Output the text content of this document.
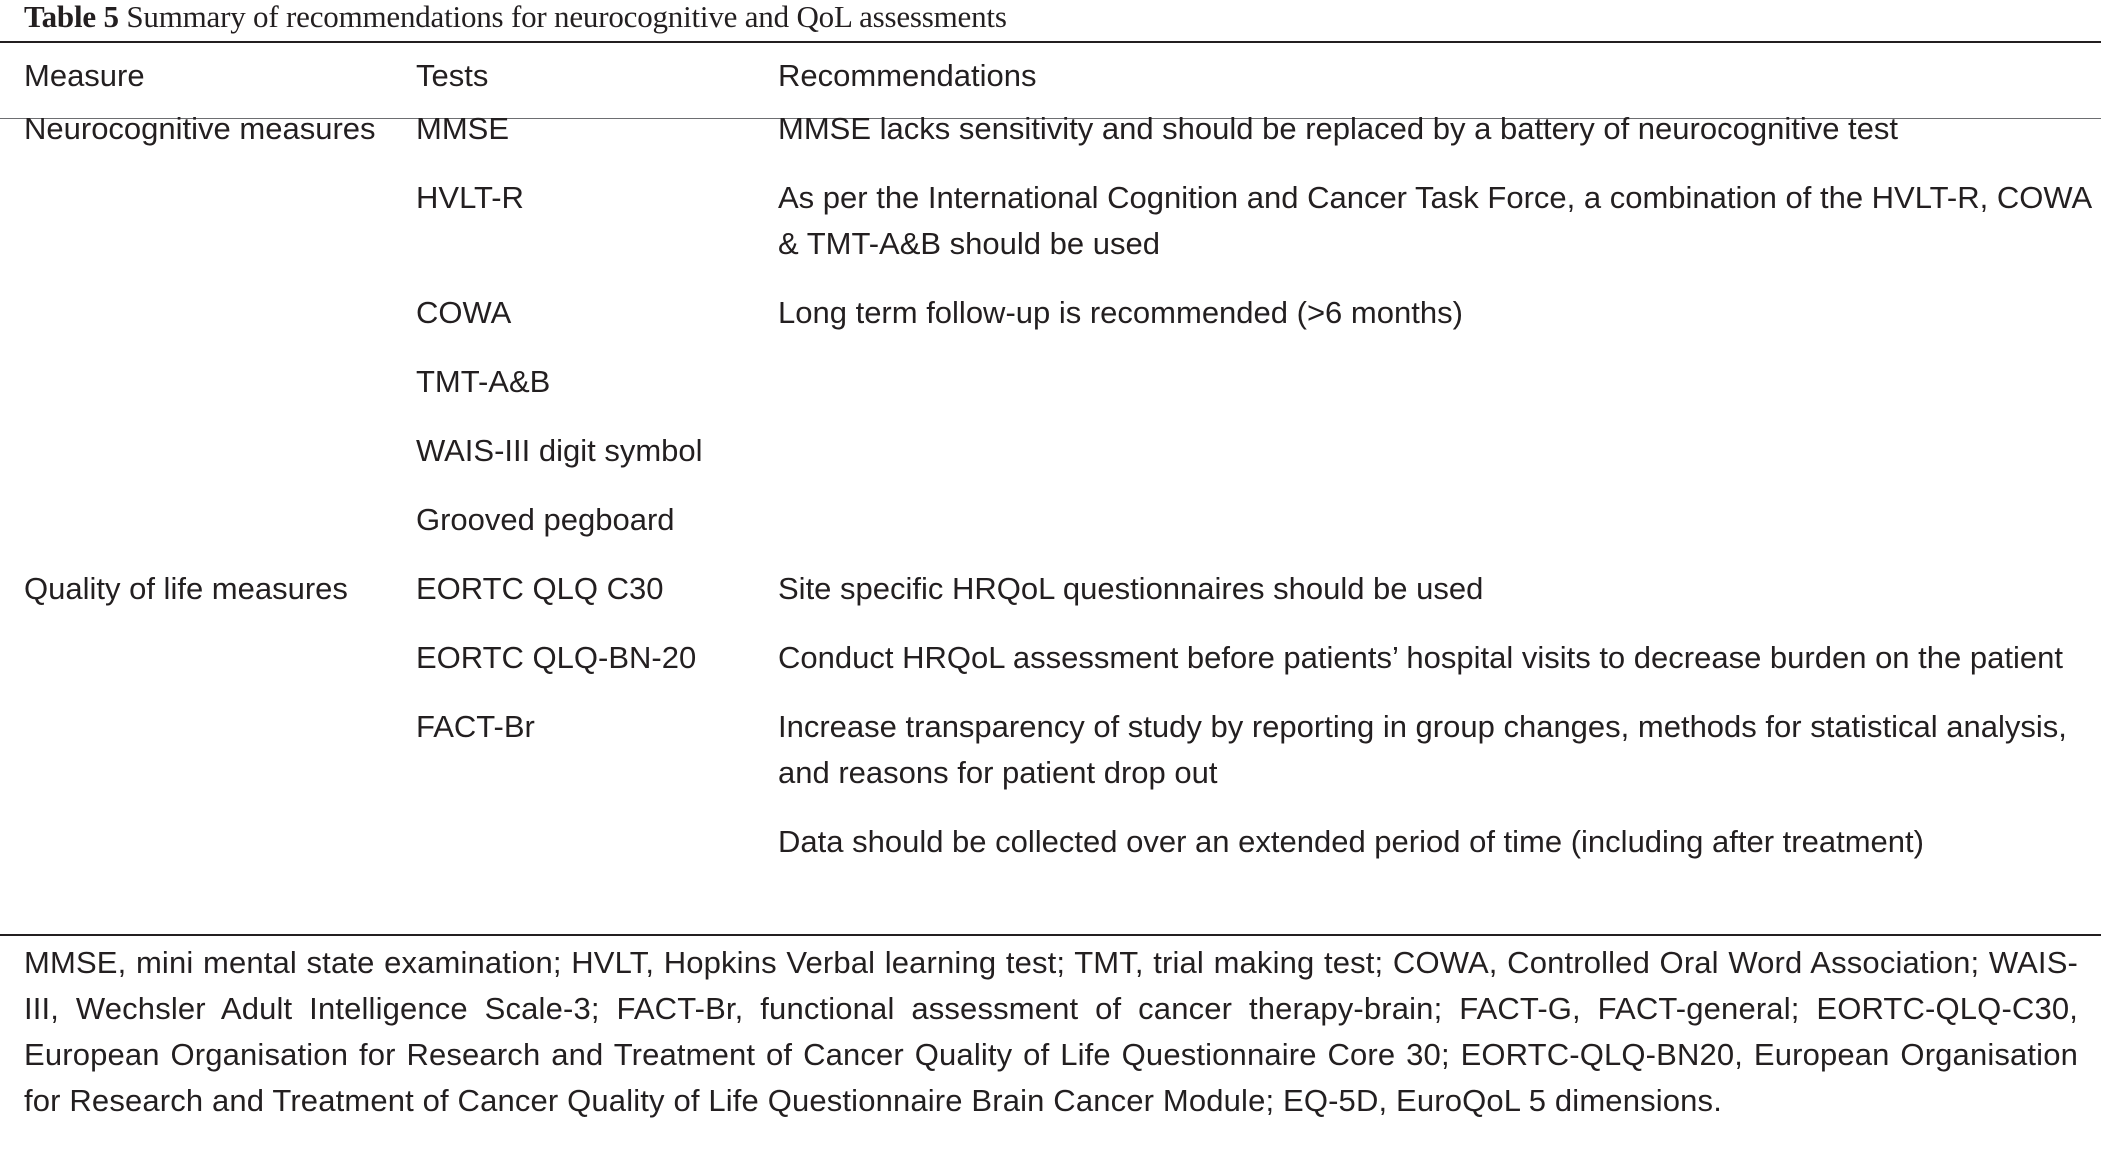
Table 5 Summary of recommendations for neurocognitive and QoL assessments
Measure	Tests	Recommendations
Neurocognitive measures	MMSE	MMSE lacks sensitivity and should be replaced by a battery of neurocognitive test
	HVLT-R	As per the International Cognition and Cancer Task Force, a combination of the HVLT-R, COWA & TMT-A&B should be used
	COWA	Long term follow-up is recommended (>6 months)
	TMT-A&B	
	WAIS-III digit symbol	
	Grooved pegboard	
Quality of life measures	EORTC QLQ C30	Site specific HRQoL questionnaires should be used
	EORTC QLQ-BN-20	Conduct HRQoL assessment before patients’ hospital visits to decrease burden on the patient
	FACT-Br	Increase transparency of study by reporting in group changes, methods for statistical analysis, and reasons for patient drop out
		Data should be collected over an extended period of time (including after treatment)

MMSE, mini mental state examination; HVLT, Hopkins Verbal learning test; TMT, trial making test; COWA, Controlled Oral Word Association; WAIS-III, Wechsler Adult Intelligence Scale-3; FACT-Br, functional assessment of cancer therapy-brain; FACT-G, FACT-general; EORTC-QLQ-C30, European Organisation for Research and Treatment of Cancer Quality of Life Questionnaire Core 30; EORTC-QLQ-BN20, European Organisation for Research and Treatment of Cancer Quality of Life Questionnaire Brain Cancer Module; EQ-5D, EuroQoL 5 dimensions.
